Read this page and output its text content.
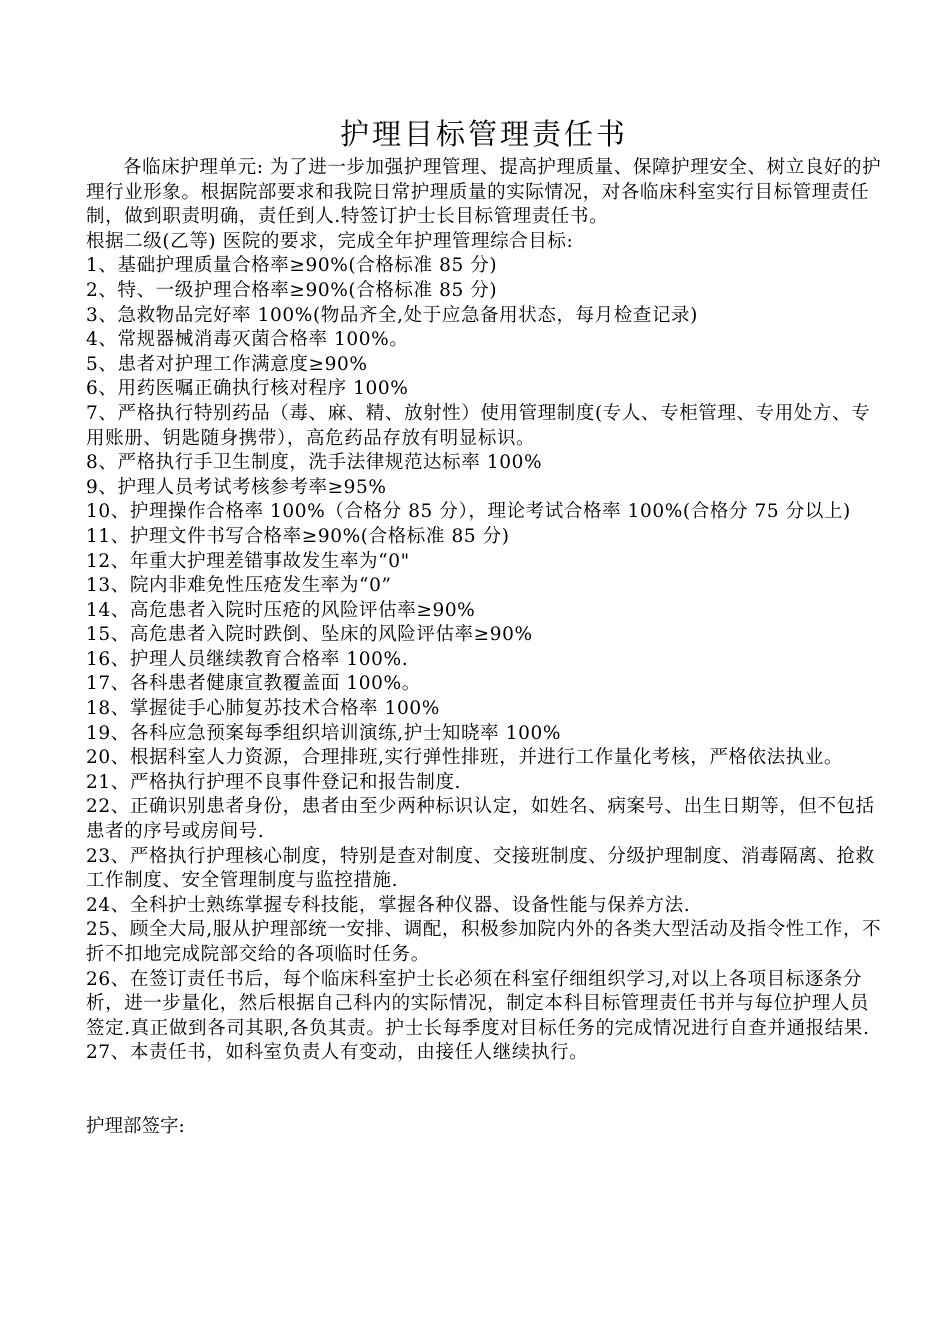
护理目标管理责任书

各临床护理单元: 为了进一步加强护理管理、提高护理质量、保障护理安全、树立良好的护理行业形象。根据院部要求和我院日常护理质量的实际情况，对各临床科室实行目标管理责任制，做到职责明确，责任到人.特签订护士长目标管理责任书。

根据二级(乙等) 医院的要求，完成全年护理管理综合目标:

1、基础护理质量合格率≥90%(合格标准 85 分)

2、特、一级护理合格率≥90%(合格标准 85 分)

3、急救物品完好率 100%(物品齐全,处于应急备用状态，每月检查记录)

4、常规器械消毒灭菌合格率 100%。

5、患者对护理工作满意度≥90%

6、用药医嘱正确执行核对程序 100%

7、严格执行特别药品（毒、麻、精、放射性）使用管理制度(专人、专柜管理、专用处方、专用账册、钥匙随身携带），高危药品存放有明显标识。

8、严格执行手卫生制度，洗手法律规范达标率 100%

9、护理人员考试考核参考率≥95%

10、护理操作合格率 100%（合格分 85 分），理论考试合格率 100%(合格分 75 分以上)

11、护理文件书写合格率≥90%(合格标准 85 分)

12、年重大护理差错事故发生率为“0"

13、院内非难免性压疮发生率为“0”

14、高危患者入院时压疮的风险评估率≥90%

15、高危患者入院时跌倒、坠床的风险评估率≥90%

16、护理人员继续教育合格率 100%.

17、各科患者健康宣教覆盖面 100%。

18、掌握徒手心肺复苏技术合格率 100%

19、各科应急预案每季组织培训演练,护士知晓率 100%

20、根据科室人力资源，合理排班,实行弹性排班，并进行工作量化考核，严格依法执业。

21、严格执行护理不良事件登记和报告制度.

22、正确识别患者身份，患者由至少两种标识认定，如姓名、病案号、出生日期等，但不包括患者的序号或房间号.

23、严格执行护理核心制度，特别是查对制度、交接班制度、分级护理制度、消毒隔离、抢救工作制度、安全管理制度与监控措施.

24、全科护士熟练掌握专科技能，掌握各种仪器、设备性能与保养方法.

25、顾全大局,服从护理部统一安排、调配，积极参加院内外的各类大型活动及指令性工作，不折不扣地完成院部交给的各项临时任务。

26、在签订责任书后，每个临床科室护士长必须在科室仔细组织学习,对以上各项目标逐条分析，进一步量化，然后根据自己科内的实际情况，制定本科目标管理责任书并与每位护理人员签定.真正做到各司其职,各负其责。护士长每季度对目标任务的完成情况进行自查并通报结果.

27、本责任书，如科室负责人有变动，由接任人继续执行。

护理部签字:
